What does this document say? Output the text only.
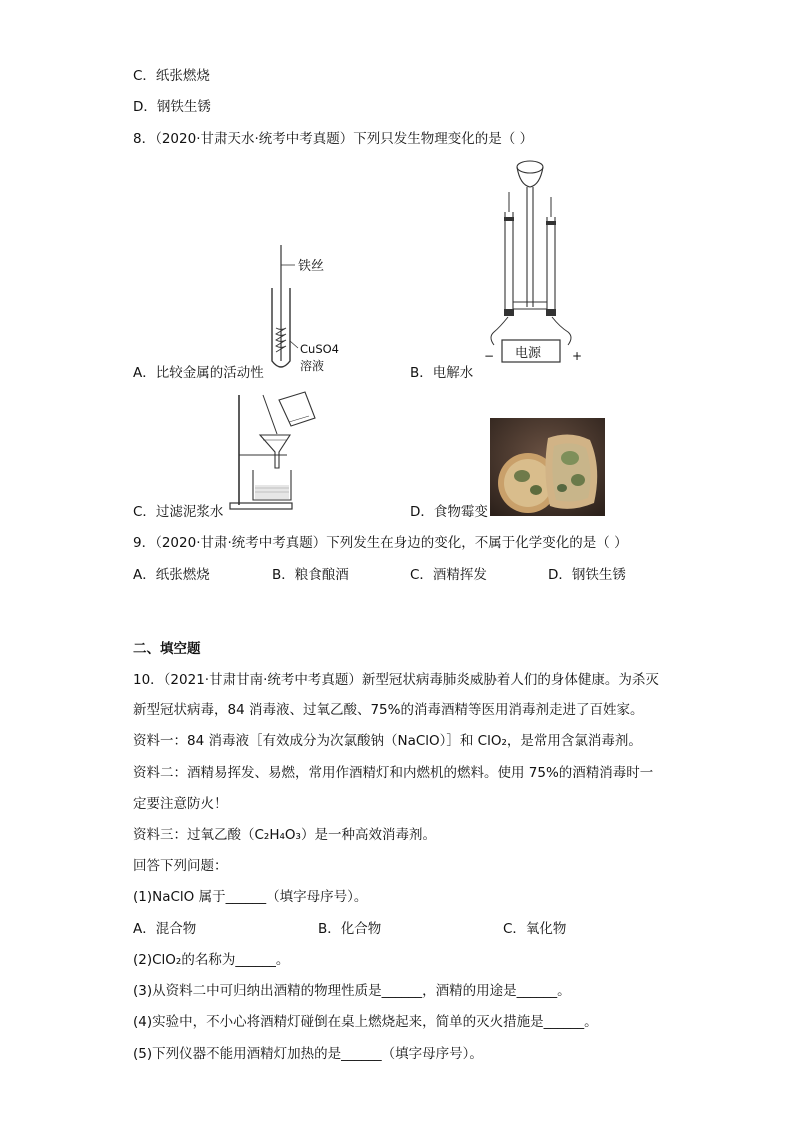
C．纸张燃烧
D．钢铁生锈
8．（2020·甘肃天水·统考中考真题）下列只发生物理变化的是（ ）
铁丝
CuSO4
溶液
A．比较金属的活动性
电源
−	+
B．电解水
C．过滤泥浆水	D．食物霉变
9．（2020·甘肃·统考中考真题）下列发生在身边的变化，不属于化学变化的是（ ）
A．纸张燃烧	B．粮食酿酒	C．酒精挥发	D．钢铁生锈
二、填空题
10．（2021·甘肃甘南·统考中考真题）新型冠状病毒肺炎威胁着人们的身体健康。为杀灭
新型冠状病毒，84 消毒液、过氧乙酸、75%的消毒酒精等医用消毒剂走进了百姓家。
资料一：84 消毒液［有效成分为次氯酸钠（NaClO）］和 ClO₂，是常用含氯消毒剂。
资料二：酒精易挥发、易燃，常用作酒精灯和内燃机的燃料。使用 75%的酒精消毒时一
定要注意防火！
资料三：过氧乙酸（C₂H₄O₃）是一种高效消毒剂。
回答下列问题：
(1)NaClO 属于______（填字母序号）。
A．混合物	B．化合物	C．氧化物
(2)ClO₂的名称为______。
(3)从资料二中可归纳出酒精的物理性质是______，酒精的用途是______。
(4)实验中，不小心将酒精灯碰倒在桌上燃烧起来，简单的灭火措施是______。
(5)下列仪器不能用酒精灯加热的是______（填字母序号）。
